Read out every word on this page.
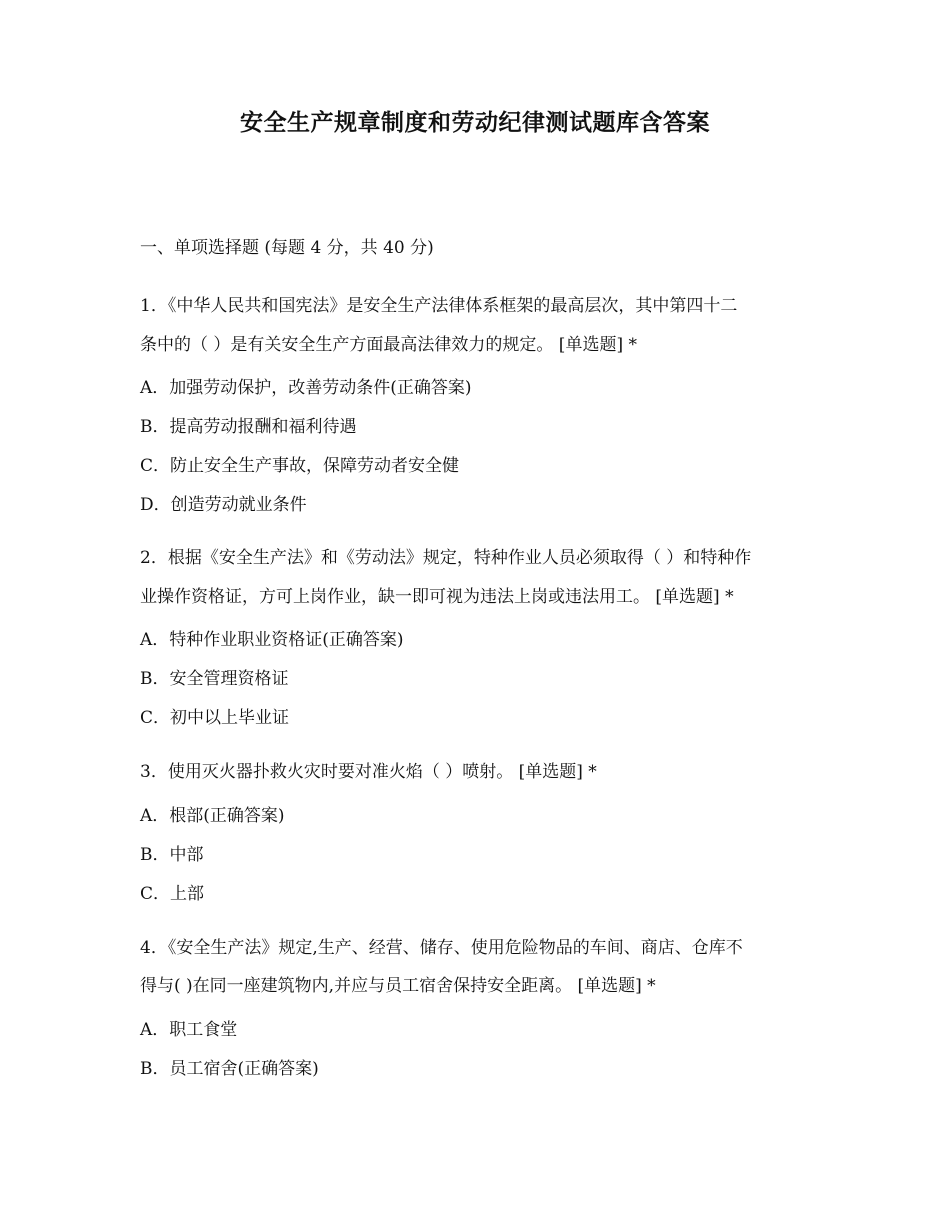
安全生产规章制度和劳动纪律测试题库含答案
一、单项选择题 (每题 4 分，共 40 分)
1．《中华人民共和国宪法》是安全生产法律体系框架的最高层次，其中第四十二
条中的（ ）是有关安全生产方面最高法律效力的规定。 [单选题] *
A．加强劳动保护，改善劳动条件(正确答案)
B．提高劳动报酬和福利待遇
C．防止安全生产事故，保障劳动者安全健
D．创造劳动就业条件
2．根据《安全生产法》和《劳动法》规定，特种作业人员必须取得（ ）和特种作
业操作资格证，方可上岗作业，缺一即可视为违法上岗或违法用工。 [单选题] *
A．特种作业职业资格证(正确答案)
B．安全管理资格证
C．初中以上毕业证
3．使用灭火器扑救火灾时要对准火焰（ ）喷射。 [单选题] *
A．根部(正确答案)
B．中部
C．上部
4．《安全生产法》规定,生产、经营、储存、使用危险物品的车间、商店、仓库不
得与( )在同一座建筑物内,并应与员工宿舍保持安全距离。 [单选题] *
A．职工食堂
B．员工宿舍(正确答案)
